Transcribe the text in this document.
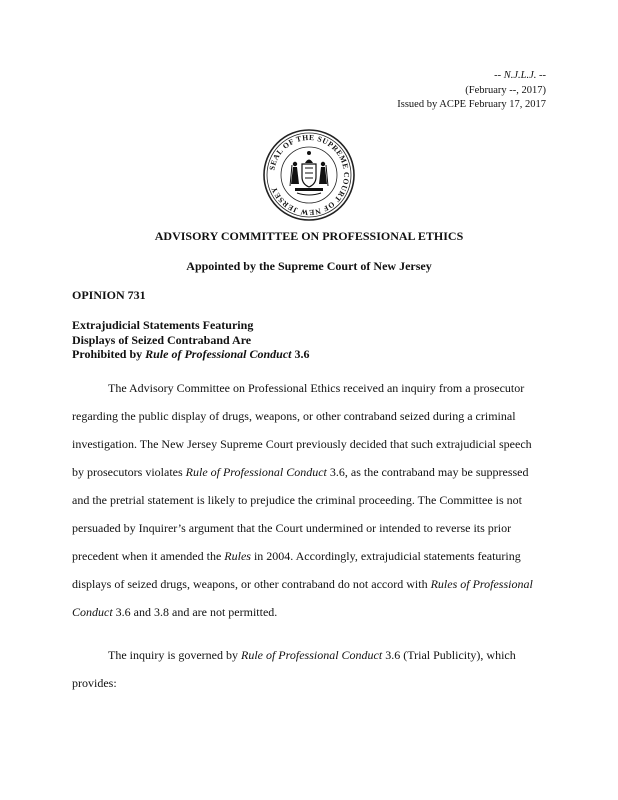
-- N.J.L.J. --
(February --, 2017)
Issued by ACPE February 17, 2017
SEAL OF THE SUPREME COURT OF NEW JERSEY
ADVISORY COMMITTEE ON PROFESSIONAL ETHICS
Appointed by the Supreme Court of New Jersey
OPINION 731
Extrajudicial Statements Featuring
Displays of Seized Contraband Are
Prohibited by Rule of Professional Conduct 3.6
The Advisory Committee on Professional Ethics received an inquiry from a prosecutor
regarding the public display of drugs, weapons, or other contraband seized during a criminal
investigation. The New Jersey Supreme Court previously decided that such extrajudicial speech
by prosecutors violates Rule of Professional Conduct 3.6, as the contraband may be suppressed
and the pretrial statement is likely to prejudice the criminal proceeding. The Committee is not
persuaded by Inquirer’s argument that the Court undermined or intended to reverse its prior
precedent when it amended the Rules in 2004. Accordingly, extrajudicial statements featuring
displays of seized drugs, weapons, or other contraband do not accord with Rules of Professional
Conduct 3.6 and 3.8 and are not permitted.
The inquiry is governed by Rule of Professional Conduct 3.6 (Trial Publicity), which
provides:
